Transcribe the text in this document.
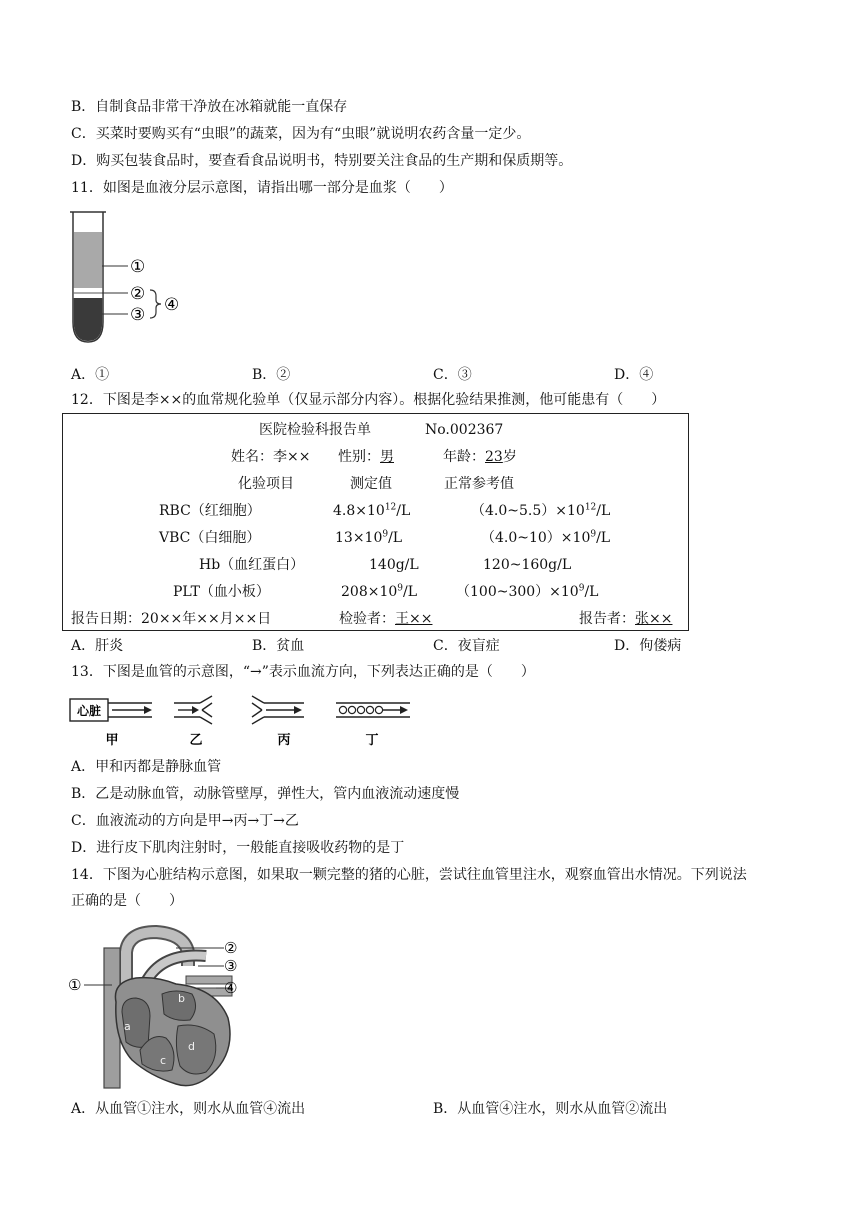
B．自制食品非常干净放在冰箱就能一直保存
C．买菜时要购买有“虫眼”的蔬菜，因为有“虫眼”就说明农药含量一定少。
D．购买包装食品时，要查看食品说明书，特别要关注食品的生产期和保质期等。
11．如图是血液分层示意图，请指出哪一部分是血浆（　　）
①
②
③ ④
A．①	B．②	C．③	D．④
12．下图是李××的血常规化验单（仅显示部分内容）。根据化验结果推测，他可能患有（　　）
医院检验科报告单	No.002367
姓名：李×× 性别：男	年龄：23岁
化验项目	测定值	正常参考值
RBC（红细胞）	$4.8\times 10^{12}/L$	$(4.0\sim 5.5)\times 10^{12}/L$
VBC（白细胞）	$13\times 10^9/L$	$(4.0\sim 10)\times 10^9/L$
Hb（血红蛋白）	140g/L	120~160g/L
PLT（血小板）	$208\times 10^9/L$	$(100\sim 300)\times 10^9/L$
报告日期：20××年××月××日	检验者：王××	报告者：张××
A．肝炎	B．贫血	C．夜盲症	D．佝偻病
13．下图是血管的示意图，“→”表示血流方向，下列表达正确的是（　　）
心脏
甲	乙	丙	丁
A．甲和丙都是静脉血管
B．乙是动脉血管，动脉管壁厚，弹性大，管内血液流动速度慢
C．血液流动的方向是甲→丙→丁→乙
D．进行皮下肌肉注射时，一般能直接吸收药物的是丁
14．下图为心脏结构示意图，如果取一颗完整的猪的心脏，尝试往血管里注水，观察血管出水情况。下列说法
正确的是（　　）
①
②
③
④
a
b
c
d
A．从血管①注水，则水从血管④流出	B．从血管④注水，则水从血管②流出
